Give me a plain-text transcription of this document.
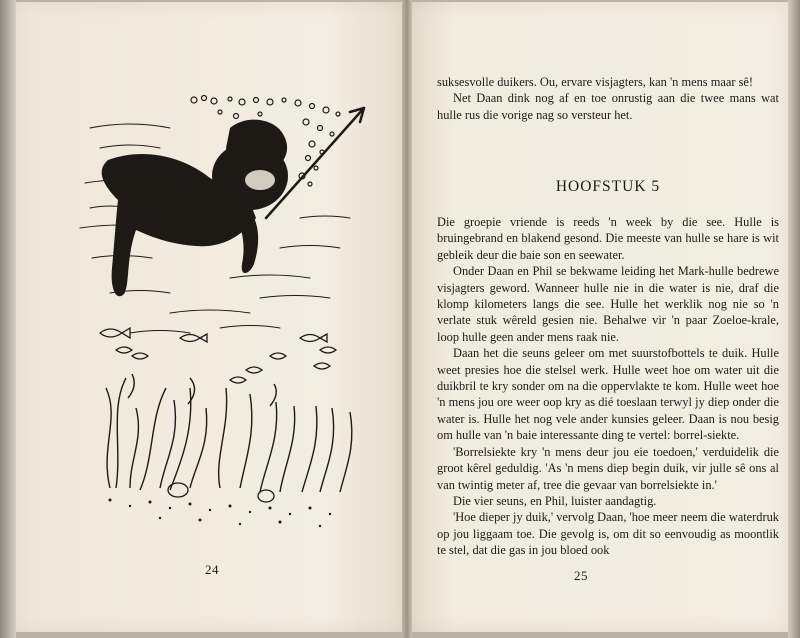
24

suksesvolle duikers. Ou, ervare visjagters, kan 'n mens maar sê!

Net Daan dink nog af en toe onrustig aan die twee mans wat hulle rus die vorige nag so versteur het.

HOOFSTUK 5

Die groepie vriende is reeds 'n week by die see. Hulle is bruingebrand en blakend gesond. Die meeste van hulle se hare is wit gebleik deur die baie son en seewater.

Onder Daan en Phil se bekwame leiding het Mark-hulle bedrewe visjagters geword. Wanneer hulle nie in die water is nie, draf die klomp kilometers langs die see. Hulle het werklik nog nie so 'n verlate stuk wêreld gesien nie. Behalwe vir 'n paar Zoeloe-krale, loop hulle geen ander mens raak nie.

Daan het die seuns geleer om met suurstofbottels te duik. Hulle weet presies hoe die stelsel werk. Hulle weet hoe om water uit die duikbril te kry sonder om na die oppervlakte te kom. Hulle weet hoe 'n mens jou ore weer oop kry as dié toeslaan terwyl jy diep onder die water is. Hulle het nog vele ander kunsies geleer. Daan is nou besig om hulle van 'n baie interessante ding te vertel: borrel-siekte.

'Borrelsiekte kry 'n mens deur jou eie toedoen,' verduidelik die groot kêrel geduldig. 'As 'n mens diep begin duik, vir julle sê ons al van twintig meter af, tree die gevaar van borrelsiekte in.'

Die vier seuns, en Phil, luister aandagtig.

'Hoe dieper jy duik,' vervolg Daan, 'hoe meer neem die waterdruk op jou liggaam toe. Die gevolg is, om dit so eenvoudig as moontlik te stel, dat die gas in jou bloed ook

25
